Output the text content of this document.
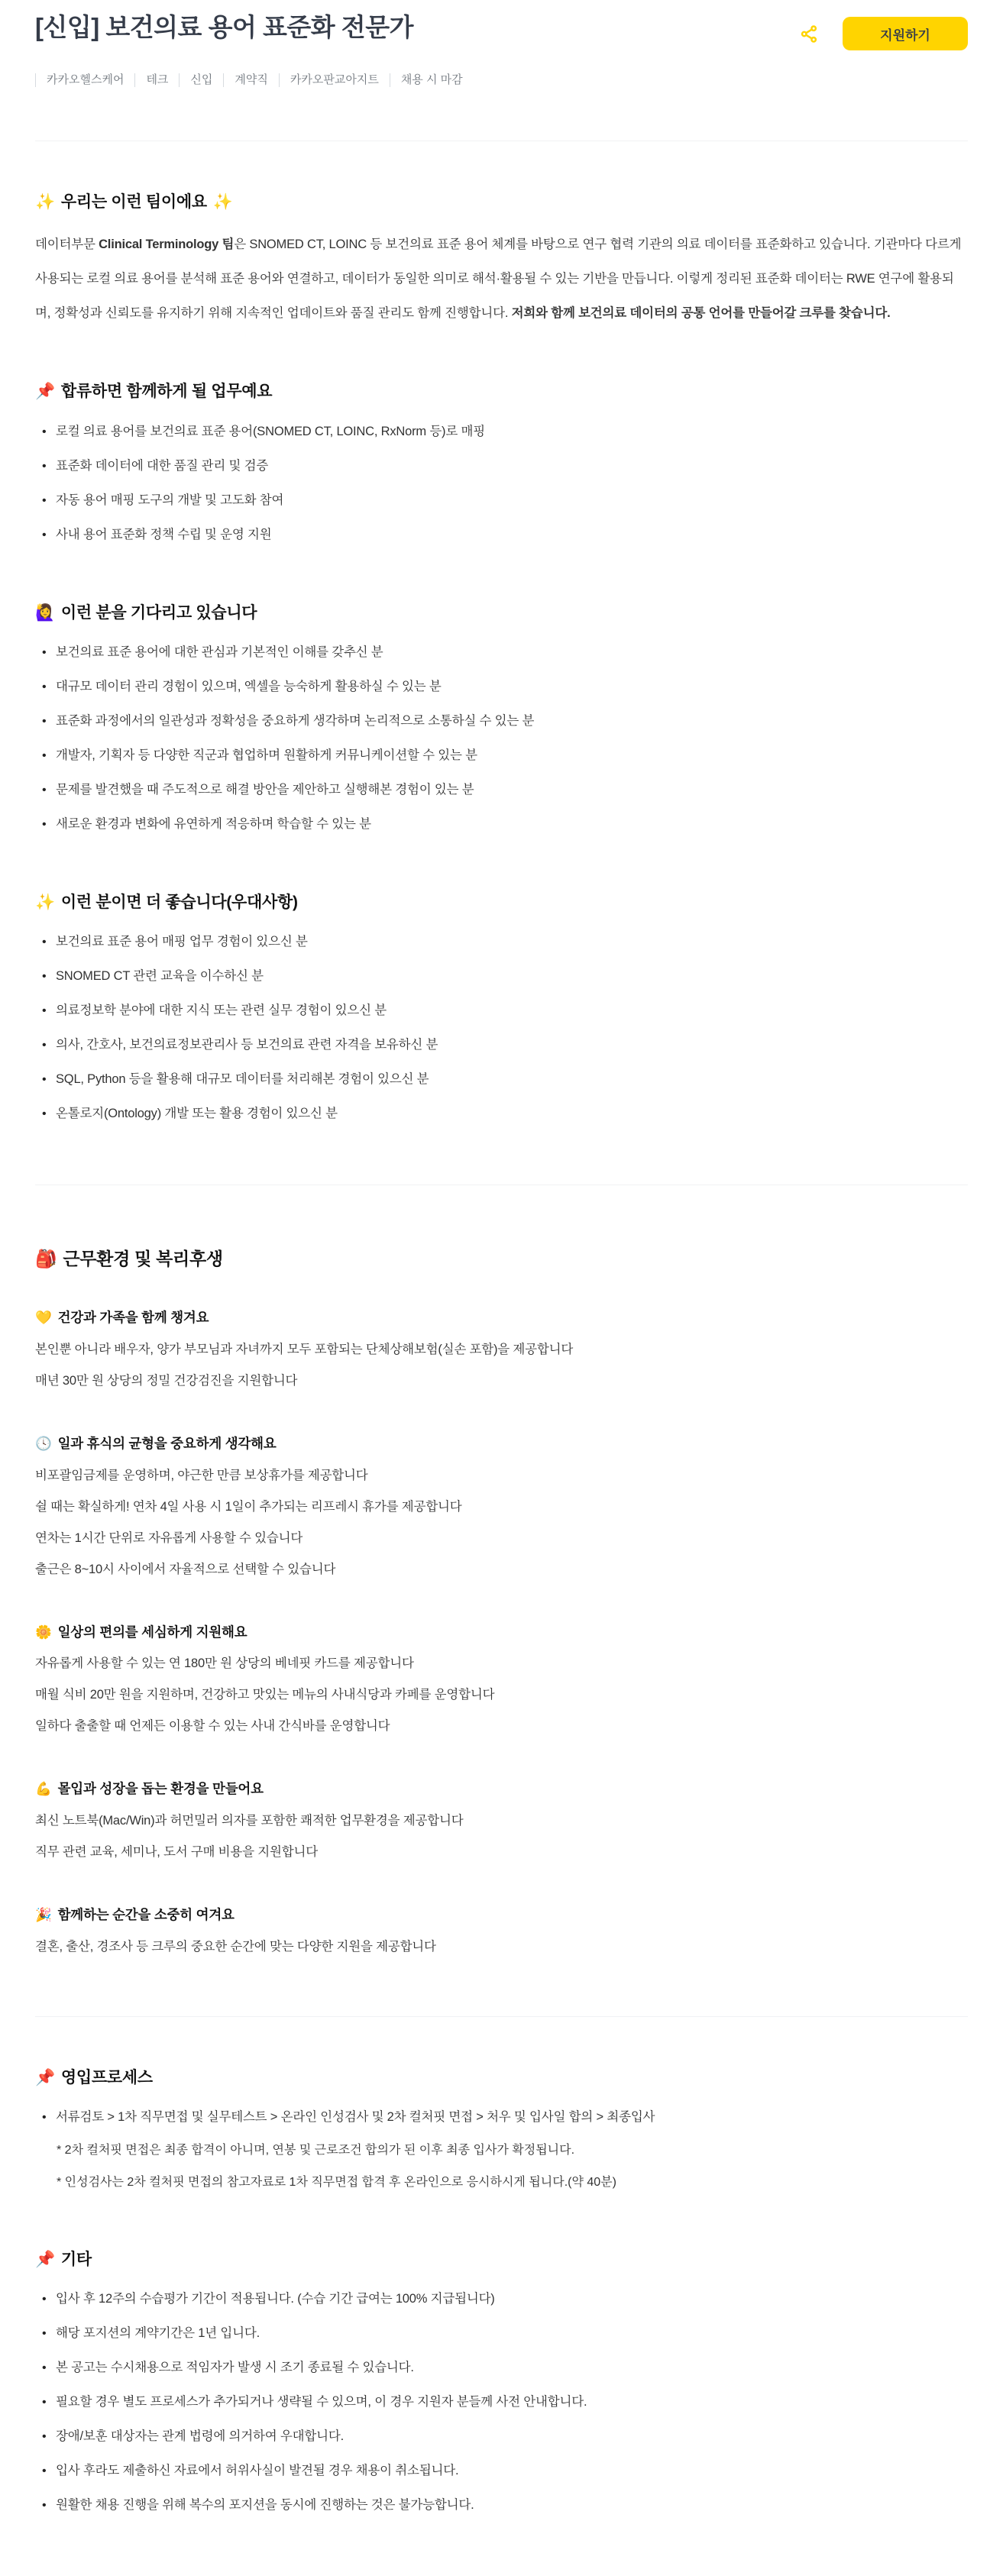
[신입] 보건의료 용어 표준화 전문가	지원하기
카카오헬스케어	테크	신입	계약직	카카오판교아지트	채용 시 마감
✨ 우리는 이런 팀이에요 ✨

데이터부문 Clinical Terminology 팀은 SNOMED CT, LOINC 등 보건의료 표준 용어 체계를 바탕으로 연구 협력 기관의 의료 데이터를 표준화하고 있습니다. 기관마다 다르게 사용되는 로컬 의료 용어를 분석해 표준 용어와 연결하고, 데이터가 동일한 의미로 해석·활용될 수 있는 기반을 만듭니다. 이렇게 정리된 표준화 데이터는 RWE 연구에 활용되며, 정확성과 신뢰도를 유지하기 위해 지속적인 업데이트와 품질 관리도 함께 진행합니다. 저희와 함께 보건의료 데이터의 공통 언어를 만들어갈 크루를 찾습니다.

📌 합류하면 함께하게 될 업무예요
• 로컬 의료 용어를 보건의료 표준 용어(SNOMED CT, LOINC, RxNorm 등)로 매핑
• 표준화 데이터에 대한 품질 관리 및 검증
• 자동 용어 매핑 도구의 개발 및 고도화 참여
• 사내 용어 표준화 정책 수립 및 운영 지원
🙋‍♀️ 이런 분을 기다리고 있습니다
• 보건의료 표준 용어에 대한 관심과 기본적인 이해를 갖추신 분
• 대규모 데이터 관리 경험이 있으며, 엑셀을 능숙하게 활용하실 수 있는 분
• 표준화 과정에서의 일관성과 정확성을 중요하게 생각하며 논리적으로 소통하실 수 있는 분
• 개발자, 기획자 등 다양한 직군과 협업하며 원활하게 커뮤니케이션할 수 있는 분
• 문제를 발견했을 때 주도적으로 해결 방안을 제안하고 실행해본 경험이 있는 분
• 새로운 환경과 변화에 유연하게 적응하며 학습할 수 있는 분
✨ 이런 분이면 더 좋습니다(우대사항)
• 보건의료 표준 용어 매핑 업무 경험이 있으신 분
• SNOMED CT 관련 교육을 이수하신 분
• 의료정보학 분야에 대한 지식 또는 관련 실무 경험이 있으신 분
• 의사, 간호사, 보건의료정보관리사 등 보건의료 관련 자격을 보유하신 분
• SQL, Python 등을 활용해 대규모 데이터를 처리해본 경험이 있으신 분
• 온톨로지(Ontology) 개발 또는 활용 경험이 있으신 분
🎒 근무환경 및 복리후생
💛 건강과 가족을 함께 챙겨요

본인뿐 아니라 배우자, 양가 부모님과 자녀까지 모두 포함되는 단체상해보험(실손 포함)을 제공합니다

매년 30만 원 상당의 정밀 건강검진을 지원합니다

🕓 일과 휴식의 균형을 중요하게 생각해요

비포괄임금제를 운영하며, 야근한 만큼 보상휴가를 제공합니다

쉴 때는 확실하게! 연차 4일 사용 시 1일이 추가되는 리프레시 휴가를 제공합니다

연차는 1시간 단위로 자유롭게 사용할 수 있습니다

출근은 8~10시 사이에서 자율적으로 선택할 수 있습니다

🌼 일상의 편의를 세심하게 지원해요

자유롭게 사용할 수 있는 연 180만 원 상당의 베네핏 카드를 제공합니다

매월 식비 20만 원을 지원하며, 건강하고 맛있는 메뉴의 사내식당과 카페를 운영합니다

일하다 출출할 때 언제든 이용할 수 있는 사내 간식바를 운영합니다

💪 몰입과 성장을 돕는 환경을 만들어요

최신 노트북(Mac/Win)과 허먼밀러 의자를 포함한 쾌적한 업무환경을 제공합니다

직무 관련 교육, 세미나, 도서 구매 비용을 지원합니다

🎉 함께하는 순간을 소중히 여겨요

결혼, 출산, 경조사 등 크루의 중요한 순간에 맞는 다양한 지원을 제공합니다

📌 영입프로세스
• 서류검토 > 1차 직무면접 및 실무테스트 > 온라인 인성검사 및 2차 컬처핏 면접 > 처우 및 입사일 합의 > 최종입사

* 2차 컬처핏 면접은 최종 합격이 아니며, 연봉 및 근로조건 합의가 된 이후 최종 입사가 확정됩니다.

* 인성검사는 2차 컬처핏 면접의 참고자료로 1차 직무면접 합격 후 온라인으로 응시하시게 됩니다.(약 40분)

📌 기타
• 입사 후 12주의 수습평가 기간이 적용됩니다. (수습 기간 급여는 100% 지급됩니다)
• 해당 포지션의 계약기간은 1년 입니다.
• 본 공고는 수시채용으로 적임자가 발생 시 조기 종료될 수 있습니다.
• 필요할 경우 별도 프로세스가 추가되거나 생략될 수 있으며, 이 경우 지원자 분들께 사전 안내합니다.
• 장애/보훈 대상자는 관계 법령에 의거하여 우대합니다.
• 입사 후라도 제출하신 자료에서 허위사실이 발견될 경우 채용이 취소됩니다.
• 원활한 채용 진행을 위해 복수의 포지션을 동시에 진행하는 것은 불가능합니다.
